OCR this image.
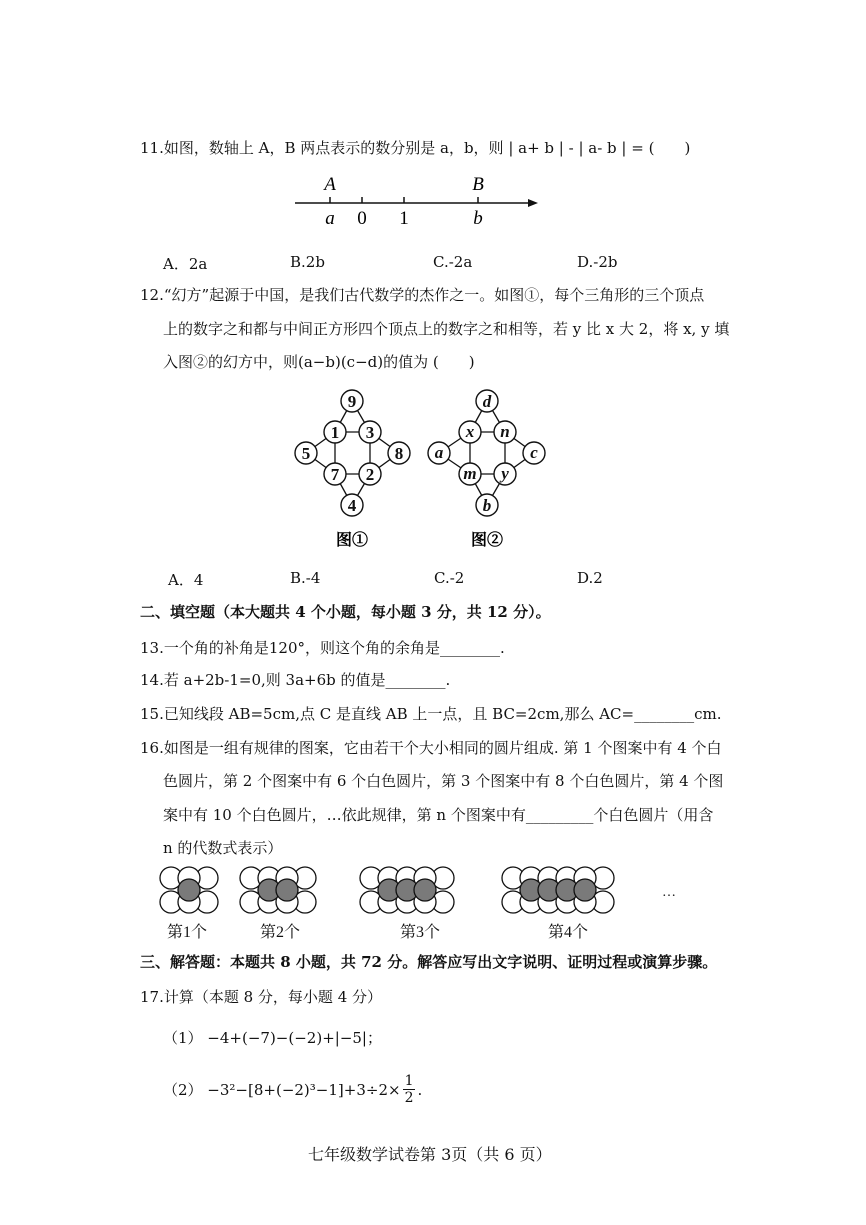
11.如图，数轴上 A，B 两点表示的数分别是 a，b，则 | a+ b | - | a- b | = (　　)
A	B
a 0 1	b
A．2a	B.2b	C.-2a	D.-2b
12.“幻方”起源于中国，是我们古代数学的杰作之一。如图①，每个三角形的三个顶点
上的数字之和都与中间正方形四个顶点上的数字之和相等，若 y 比 x 大 2，将 x, y 填
入图②的幻方中，则(a−b)(c−d)的值为 (　　)
9
1 3
5	8
7 2
4
图①
d
x n
a	c
m y
b
图②
A．4	B.-4	C.-2	D.2
二、填空题（本大题共 4 个小题，每小题 3 分，共 12 分）。
13.一个角的补角是120°，则这个角的余角是________.
14.若 a+2b-1=0,则 3a+6b 的值是________.
15.已知线段 AB=5cm,点 C 是直线 AB 上一点，且 BC=2cm,那么 AC=________cm.
16.如图是一组有规律的图案，它由若干个大小相同的圆片组成. 第 1 个图案中有 4 个白
色圆片，第 2 个图案中有 6 个白色圆片，第 3 个图案中有 8 个白色圆片，第 4 个图
案中有 10 个白色圆片，…依此规律，第 n 个图案中有_________个白色圆片（用含
n 的代数式表示）
第1个	第2个	第3个	第4个
…
三、解答题：本题共 8 小题，共 72 分。解答应写出文字说明、证明过程或演算步骤。
17.计算（本题 8 分，每小题 4 分）
（1） −4+(−7)−(−2)+|−5|；
$(2) -3^2-[8+(-2)^3-1]+3\div 2\times \frac{1}{2}$ .
七年级数学试卷第 3页（共 6 页）
